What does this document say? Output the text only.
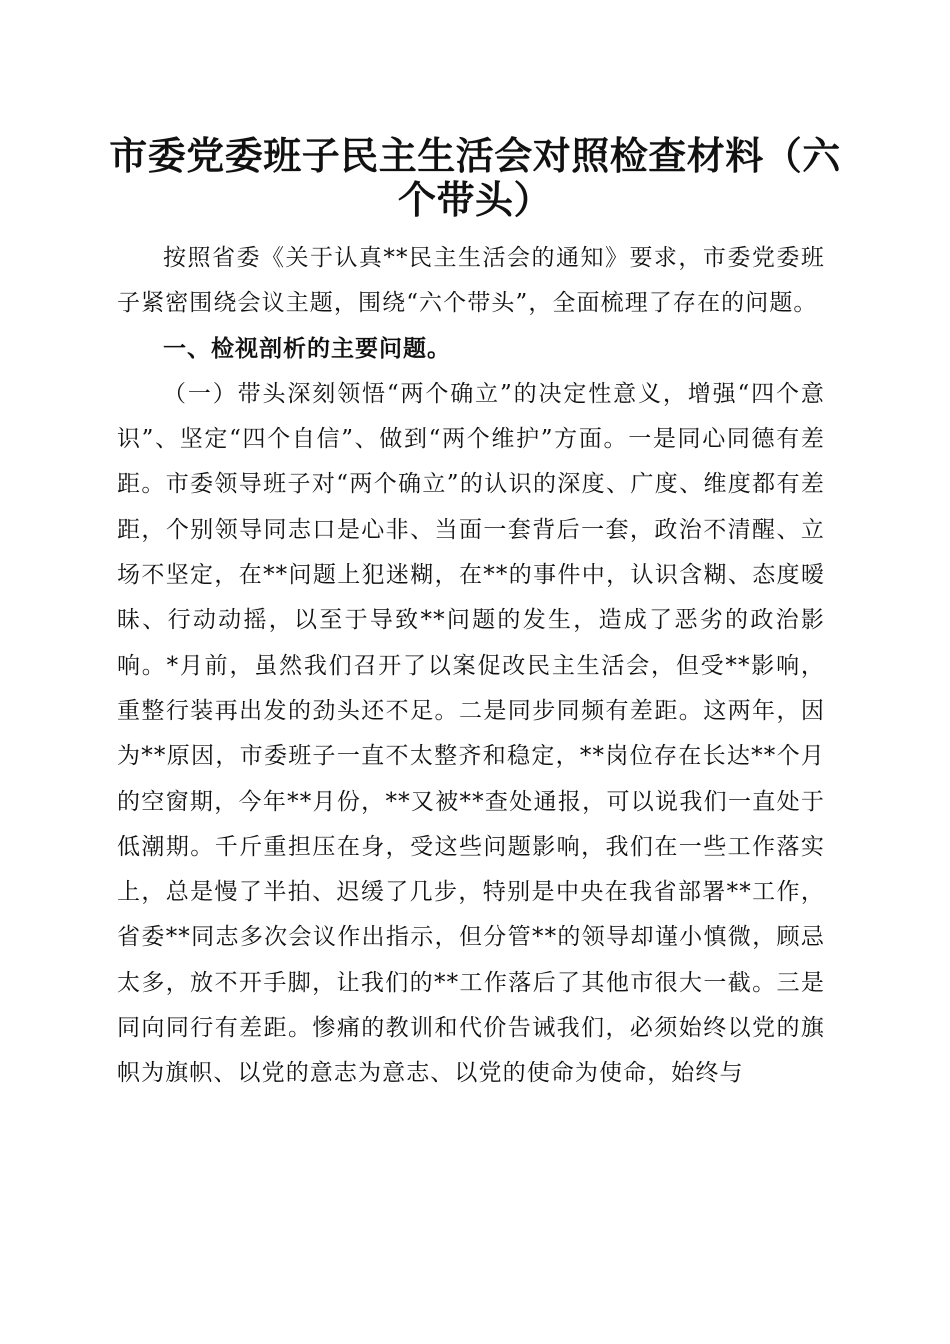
市委党委班子民主生活会对照检查材料（六个带头）

按照省委《关于认真**民主生活会的通知》要求，市委党委班子紧密围绕会议主题，围绕“六个带头”，全面梳理了存在的问题。

一、检视剖析的主要问题。

（一）带头深刻领悟“两个确立”的决定性意义，增强“四个意识”、坚定“四个自信”、做到“两个维护”方面。一是同心同德有差距。市委领导班子对“两个确立”的认识的深度、广度、维度都有差距，个别领导同志口是心非、当面一套背后一套，政治不清醒、立场不坚定，在**问题上犯迷糊，在**的事件中，认识含糊、态度暧昧、行动动摇，以至于导致**问题的发生，造成了恶劣的政治影响。*月前，虽然我们召开了以案促改民主生活会，但受**影响，重整行装再出发的劲头还不足。二是同步同频有差距。这两年，因为**原因，市委班子一直不太整齐和稳定，**岗位存在长达**个月的空窗期，今年**月份，**又被**查处通报，可以说我们一直处于低潮期。千斤重担压在身，受这些问题影响，我们在一些工作落实上，总是慢了半拍、迟缓了几步，特别是中央在我省部署**工作，省委**同志多次会议作出指示，但分管**的领导却谨小慎微，顾忌太多，放不开手脚，让我们的**工作落后了其他市很大一截。三是同向同行有差距。惨痛的教训和代价告诫我们，必须始终以党的旗帜为旗帜、以党的意志为意志、以党的使命为使命，始终与
